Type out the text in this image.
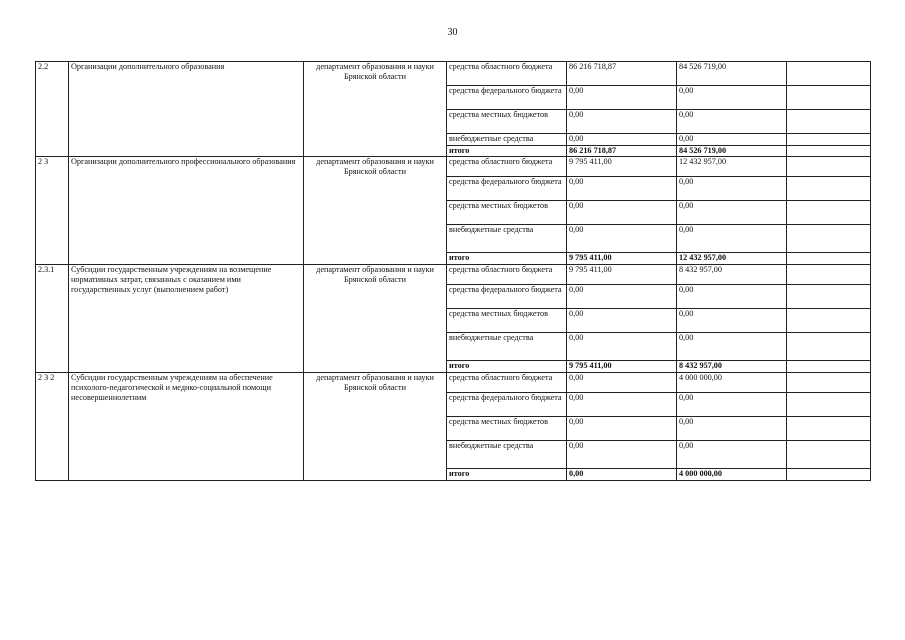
30
2.2	Организации дополнительного образования	департамент образования и науки Брянской области	средства областного бюджета	86 216 718,87	84 526 719,00	
			средства федерального бюджета	0,00	0,00	
			средства местных бюджетов	0,00	0,00	
			внебюджетные средства	0,00	0,00	
			итого	86 216 718,87	84 526 719,00	
2 3	Организации дополнительного профессионального образования	департамент образования и науки Брянской области	средства областного бюджета	9 795 411,00	12 432 957,00	
			средства федерального бюджета	0,00	0,00	
			средства местных бюджетов	0,00	0,00	
			внебюджетные средства	0,00	0,00	
			итого	9 795 411,00	12 432 957,00	
2.3.1	Субсидии государственным учреждениям на возмещение нормативных затрат, связанных с оказанием ими государственных услуг (выполнением работ)	департамент образования и науки Брянской области	средства областного бюджета	9 795 411,00	8 432 957,00	
			средства федерального бюджета	0,00	0,00	
			средства местных бюджетов	0,00	0,00	
			внебюджетные средства	0,00	0,00	
			итого	9 795 411,00	8 432 957,00	
2 3 2	Субсидии государственным учреждениям на обеспечение психолого-педагогической и медико-социальной помощи несовершеннолетним	департамент образования и науки Брянской области	средства областного бюджета	0,00	4 000 000,00	
			средства федерального бюджета	0,00	0,00	
			средства местных бюджетов	0,00	0,00	
			внебюджетные средства	0,00	0,00	
			итого	0,00	4 000 000,00	
